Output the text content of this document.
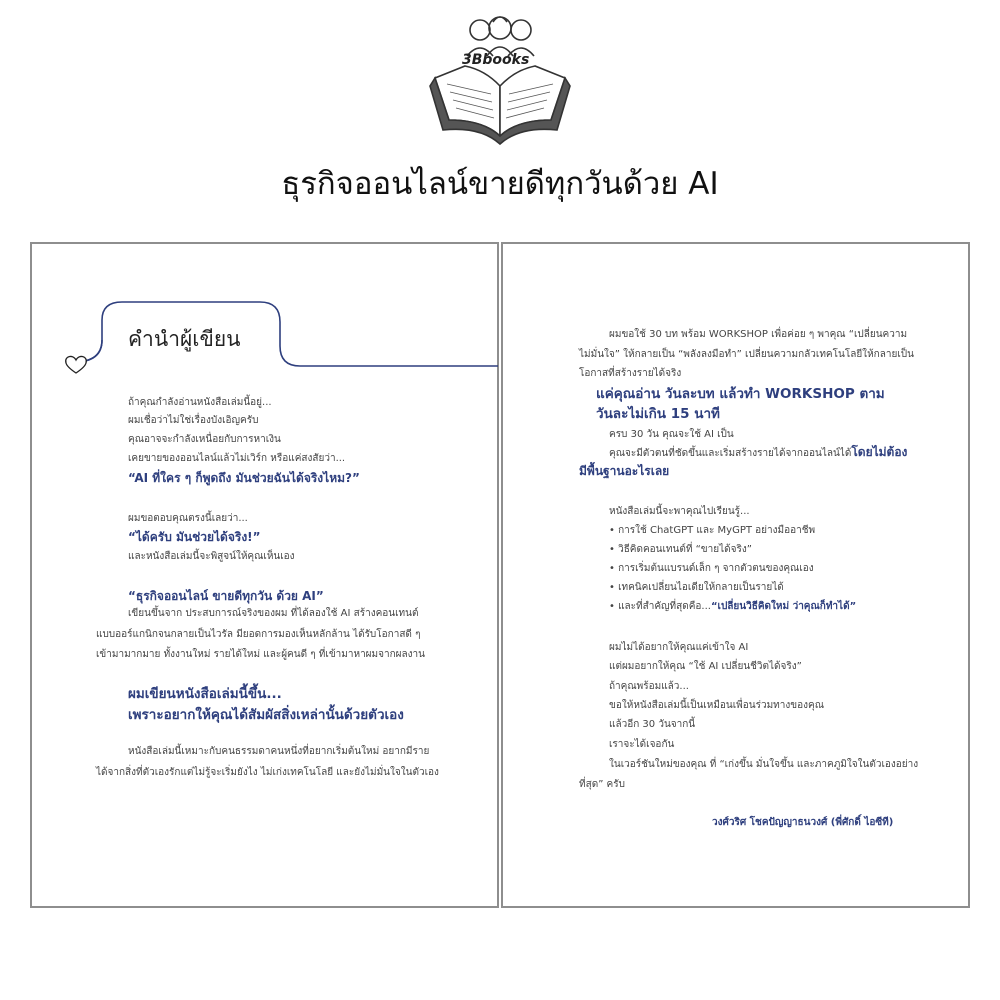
3Bbooks
ธุรกิจออนไลน์ขายดีทุกวันด้วย AI
คำนำผู้เขียน
ถ้าคุณกำลังอ่านหนังสือเล่มนี้อยู่...
ผมเชื่อว่าไม่ใช่เรื่องบังเอิญครับ
คุณอาจจะกำลังเหนื่อยกับการหาเงิน
เคยขายของออนไลน์แล้วไม่เวิร์ก หรือแค่สงสัยว่า...
“AI ที่ใคร ๆ ก็พูดถึง มันช่วยฉันได้จริงไหม?”
ผมขอตอบคุณตรงนี้เลยว่า...
“ได้ครับ มันช่วยได้จริง!”
และหนังสือเล่มนี้จะพิสูจน์ให้คุณเห็นเอง
“ธุรกิจออนไลน์ ขายดีทุกวัน ด้วย AI”
เขียนขึ้นจาก ประสบการณ์จริงของผม ที่ได้ลองใช้ AI สร้างคอนเทนต์
แบบออร์แกนิกจนกลายเป็นไวรัล มียอดการมองเห็นหลักล้าน ได้รับโอกาสดี ๆ
เข้ามามากมาย ทั้งงานใหม่ รายได้ใหม่ และผู้คนดี ๆ ที่เข้ามาหาผมจากผลงาน
ผมเขียนหนังสือเล่มนี้ขึ้น...
เพราะอยากให้คุณได้สัมผัสสิ่งเหล่านั้นด้วยตัวเอง
หนังสือเล่มนี้เหมาะกับคนธรรมดาคนหนึ่งที่อยากเริ่มต้นใหม่ อยากมีราย
ได้จากสิ่งที่ตัวเองรักแต่ไม่รู้จะเริ่มยังไง ไม่เก่งเทคโนโลยี และยังไม่มั่นใจในตัวเอง
ผมขอใช้ 30 บท พร้อม WORKSHOP เพื่อค่อย ๆ พาคุณ “เปลี่ยนความ
ไม่มั่นใจ” ให้กลายเป็น “พลังลงมือทำ” เปลี่ยนความกลัวเทคโนโลยีให้กลายเป็น
โอกาสที่สร้างรายได้จริง
แค่คุณอ่าน วันละบท แล้วทำ WORKSHOP ตาม
วันละไม่เกิน 15 นาที
ครบ 30 วัน คุณจะใช้ AI เป็น
คุณจะมีตัวตนที่ชัดขึ้นและเริ่มสร้างรายได้จากออนไลน์ได้โดยไม่ต้อง
มีพื้นฐานอะไรเลย
หนังสือเล่มนี้จะพาคุณไปเรียนรู้...
• การใช้ ChatGPT และ MyGPT อย่างมืออาชีพ
• วิธีคิดคอนเทนต์ที่ “ขายได้จริง”
• การเริ่มต้นแบรนด์เล็ก ๆ จากตัวตนของคุณเอง
• เทคนิคเปลี่ยนไอเดียให้กลายเป็นรายได้
• และที่สำคัญที่สุดคือ...“เปลี่ยนวิธีคิดใหม่ ว่าคุณก็ทำได้”
ผมไม่ได้อยากให้คุณแค่เข้าใจ AI
แต่ผมอยากให้คุณ “ใช้ AI เปลี่ยนชีวิตได้จริง”
ถ้าคุณพร้อมแล้ว...
ขอให้หนังสือเล่มนี้เป็นเหมือนเพื่อนร่วมทางของคุณ
แล้วอีก 30 วันจากนี้
เราจะได้เจอกัน
ในเวอร์ชันใหม่ของคุณ ที่ “เก่งขึ้น มั่นใจขึ้น และภาคภูมิใจในตัวเองอย่าง
ที่สุด” ครับ
วงศ์วริศ โชคปัญญาธนวงศ์ (พี่ศักดิ์ ไอซีที)
